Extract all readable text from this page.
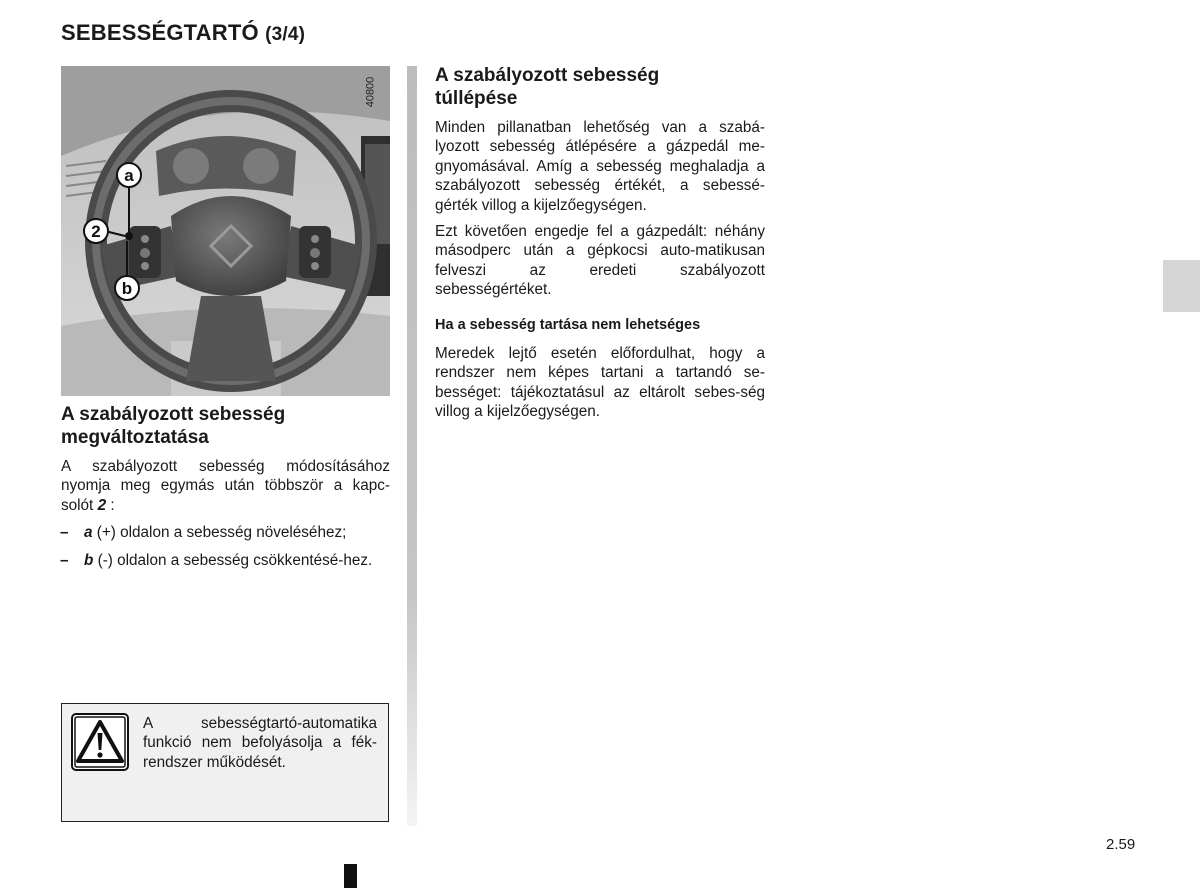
SEBESSÉGTARTÓ (3/4)
a
2
b
40800
A szabályozott sebesség
megváltoztatása

A szabályozott sebesség módosításához nyomja meg egymás után többször a kapc- solót 2 :

– a (+) oldalon a sebesség növeléséhez;

– b (-) oldalon a sebesség csökkentésé-hez.

A sebességtartó-automatika funkció nem befolyásolja a fék-rendszer működését.

A szabályozott sebesség
túllépése

Minden pillanatban lehetőség van a szabá-lyozott sebesség átlépésére a gázpedál me-gnyomásával. Amíg a sebesség meghaladja a szabályozott sebesség értékét, a sebessé-gérték villog a kijelzőegységen.

Ezt követően engedje fel a gázpedált: néhány másodperc után a gépkocsi auto-matikusan felveszi az eredeti szabályozott sebességértéket.

Ha a sebesség tartása nem lehetséges

Meredek lejtő esetén előfordulhat, hogy a rendszer nem képes tartani a tartandó se-bességet: tájékoztatásul az eltárolt sebes-ség villog a kijelzőegységen.

2.59
